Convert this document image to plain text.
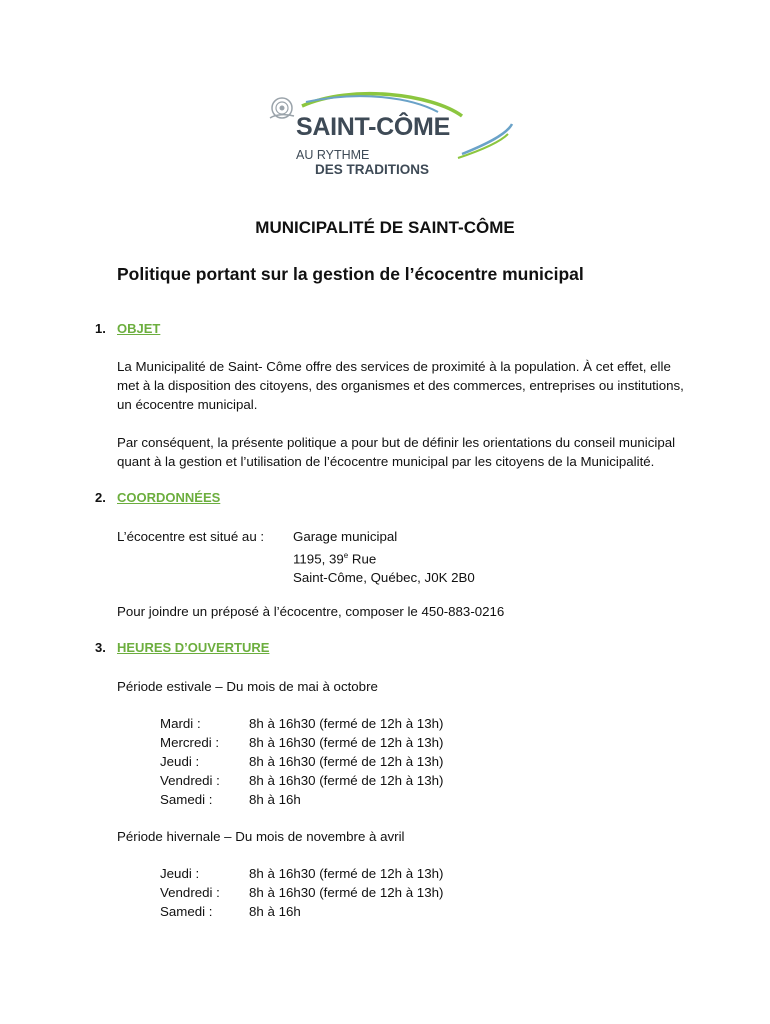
SAINT-CÔME
AU RYTHME
DES TRADITIONS
MUNICIPALITÉ DE SAINT-CÔME
Politique portant sur la gestion de l’écocentre municipal
1. OBJET

La Municipalité de Saint- Côme offre des services de proximité à la population. À cet effet, elle

met à la disposition des citoyens, des organismes et des commerces, entreprises ou institutions,

un écocentre municipal.

Par conséquent, la présente politique a pour but de définir les orientations du conseil municipal

quant à la gestion et l’utilisation de l’écocentre municipal par les citoyens de la Municipalité.

2. COORDONNÉES
L’écocentre est situé au : Garage municipal

1195, 39e Rue

Saint-Côme, Québec, J0K 2B0

Pour joindre un préposé à l’écocentre, composer le 450-883-0216
3. HEURES D’OUVERTURE
Période estivale – Du mois de mai à octobre

Mardi :

Mercredi :

Jeudi :

Vendredi :

Samedi :

8h à 16h30 (fermé de 12h à 13h)

8h à 16h30 (fermé de 12h à 13h)

8h à 16h30 (fermé de 12h à 13h)

8h à 16h30 (fermé de 12h à 13h)

8h à 16h

Période hivernale – Du mois de novembre à avril

Jeudi :

Vendredi :

Samedi :

8h à 16h30 (fermé de 12h à 13h)

8h à 16h30 (fermé de 12h à 13h)

8h à 16h
